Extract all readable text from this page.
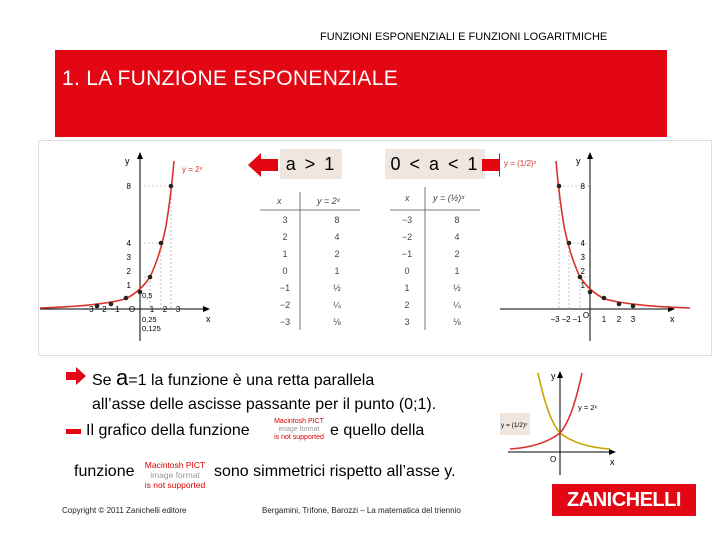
FUNZIONI ESPONENZIALI E FUNZIONI LOGARITMICHE
1. LA FUNZIONE ESPONENZIALE
y
x
y = 2ˣ
8
4
3
2
1
−3 −2 −1 O 1 2 3
0,5
0,25
0,125
a > 1	0 < a < 1
x	y = 2ˣ
3	8
2	4
1	2
0	1
−1	½
−2	¼
−3	⅛
x	y = (½)ˣ
−3	8
−2	4
−1	2
0	1
1	½
2	¼
3	⅛
y = (1/2)ˣ	y
x
8
4
3
2
1
−3 −2 −1 O 1 2 3
Se a=1 la funzione è una retta parallela
all’asse delle ascisse passante per il punto (0;1).
Il grafico della funzione
Macintosh PICT
image format
is not supported e quello della
funzione	Macintosh PICT
image format
is not supported
sono simmetrici rispetto all’asse y.
y
x
y = 2ˣ
y = (1/2)ˣ
O
Copyright © 2011 Zanichelli editore	Bergamini, Trifone, Barozzi – La matematica del triennio	ZANICHELLI
